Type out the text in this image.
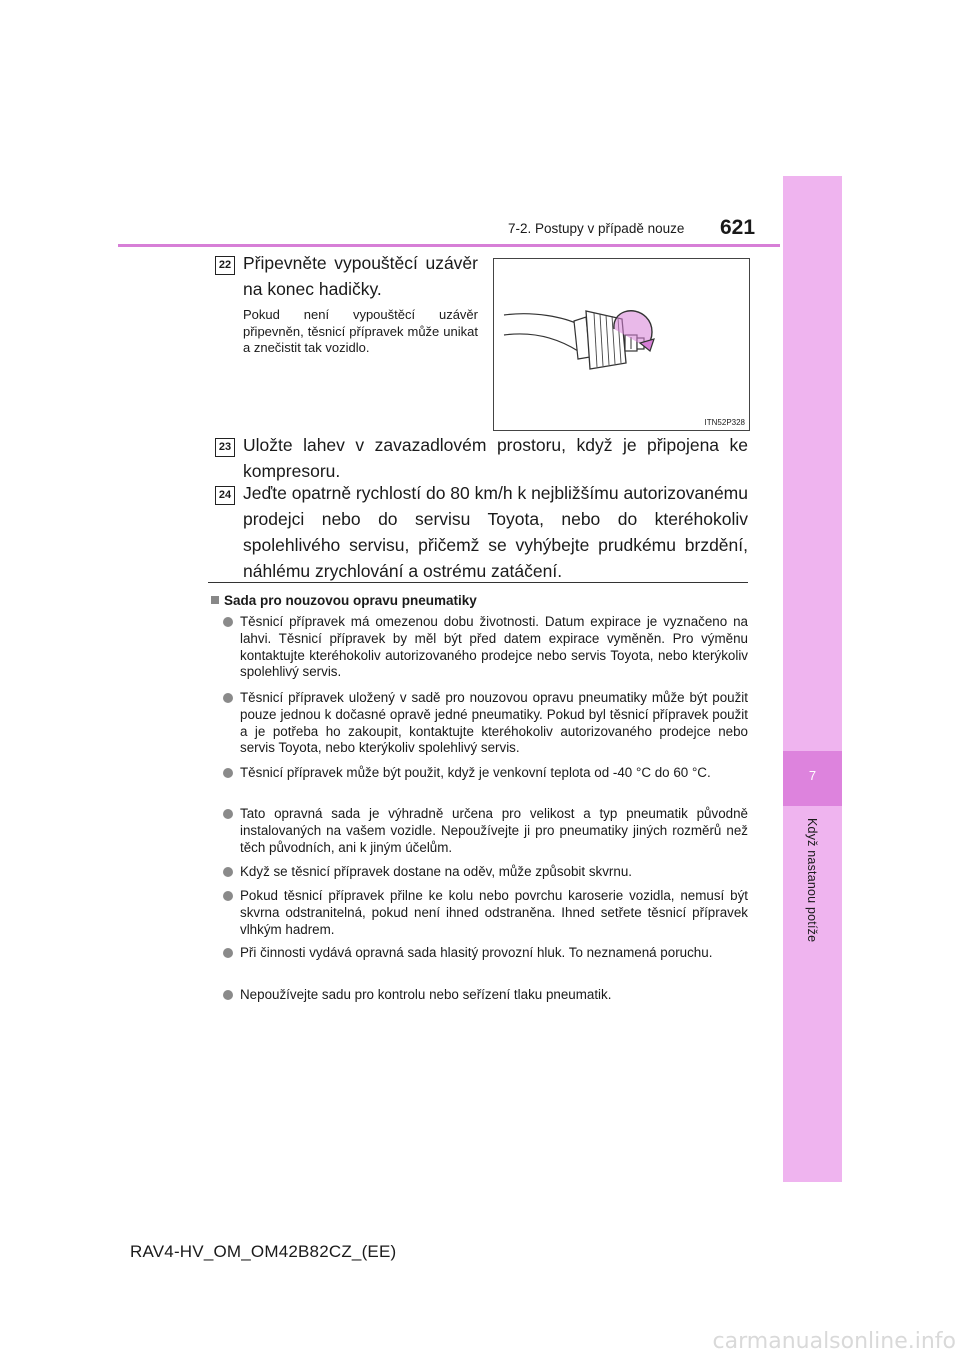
7-2. Postupy v případě nouze 621
7
Když nastanou potíže
22 Připevněte vypouštěcí uzávěr na konec hadičky.
Pokud není vypouštěcí uzávěr připevněn, těsnicí přípravek může unikat a znečistit tak vozidlo.
ITN52P328
23 Uložte lahev v zavazadlovém prostoru, když je připojena ke kompresoru.
24 Jeďte opatrně rychlostí do 80 km/h k nejbližšímu autorizovanému prodejci nebo do servisu Toyota, nebo do kteréhokoliv spolehlivého servisu, přičemž se vyhýbejte prudkému brzdění, náhlému zrychlování a ostrému zatáčení.
Sada pro nouzovou opravu pneumatiky
Těsnicí přípravek má omezenou dobu životnosti. Datum expirace je vyznačeno na lahvi. Těsnicí přípravek by měl být před datem expirace vyměněn. Pro výměnu kontaktujte kteréhokoliv autorizovaného prodejce nebo servis Toyota, nebo kterýkoliv spolehlivý servis.
Těsnicí přípravek uložený v sadě pro nouzovou opravu pneumatiky může být použit pouze jednou k dočasné opravě jedné pneumatiky. Pokud byl těsnicí přípravek použit a je potřeba ho zakoupit, kontaktujte kteréhokoliv autorizovaného prodejce nebo servis Toyota, nebo kterýkoliv spolehlivý servis.
Těsnicí přípravek může být použit, když je venkovní teplota od -40 °C do 60 °C.
Tato opravná sada je výhradně určena pro velikost a typ pneumatik původně instalovaných na vašem vozidle. Nepoužívejte ji pro pneumatiky jiných rozměrů než těch původních, ani k jiným účelům.
Když se těsnicí přípravek dostane na oděv, může způsobit skvrnu.
Pokud těsnicí přípravek přilne ke kolu nebo povrchu karoserie vozidla, nemusí být skvrna odstranitelná, pokud není ihned odstraněna. Ihned setřete těsnicí přípravek vlhkým hadrem.
Při činnosti vydává opravná sada hlasitý provozní hluk. To neznamená poruchu.
Nepoužívejte sadu pro kontrolu nebo seřízení tlaku pneumatik.
RAV4-HV_OM_OM42B82CZ_(EE)
carmanualsonline.info
